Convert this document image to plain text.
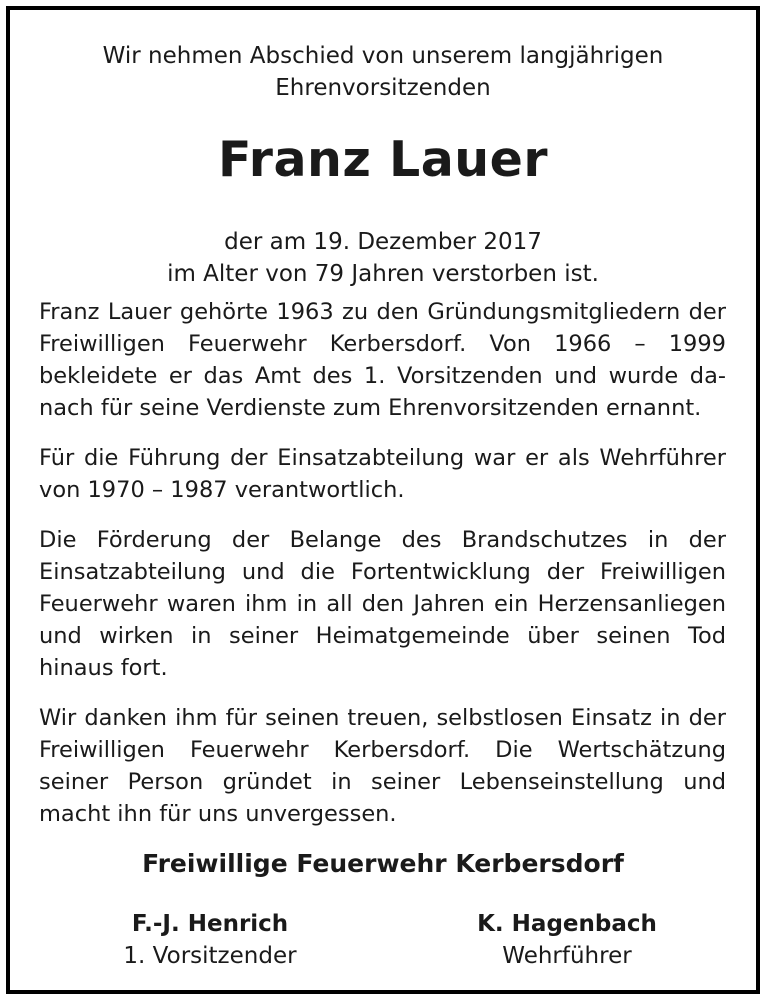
Wir nehmen Abschied von unserem langjährigen
Ehrenvorsitzenden
Franz Lauer
der am 19. Dezember 2017
im Alter von 79 Jahren verstorben ist.

Franz Lauer gehörte 1963 zu den Gründungsmitgliedern der Freiwilligen Feuerwehr Kerbersdorf. Von 1966 – 1999 bekleidete er das Amt des 1. Vorsitzenden und wurde danach für seine Verdienste zum Ehrenvorsitzenden ernannt.

Für die Führung der Einsatzabteilung war er als Wehrführer von 1970 – 1987 verantwortlich.

Die Förderung der Belange des Brandschutzes in der Einsatzabteilung und die Fortentwicklung der Freiwilligen Feuerwehr waren ihm in all den Jahren ein Herzensanliegen und wirken in seiner Heimatgemeinde über seinen Tod hinaus fort.

Wir danken ihm für seinen treuen, selbstlosen Einsatz in der Freiwilligen Feuerwehr Kerbersdorf. Die Wertschätzung seiner Person gründet in seiner Lebenseinstellung und macht ihn für uns unvergessen.

Freiwillige Feuerwehr Kerbersdorf
F.-J. Henrich
1. Vorsitzender
K. Hagenbach
Wehrführer
